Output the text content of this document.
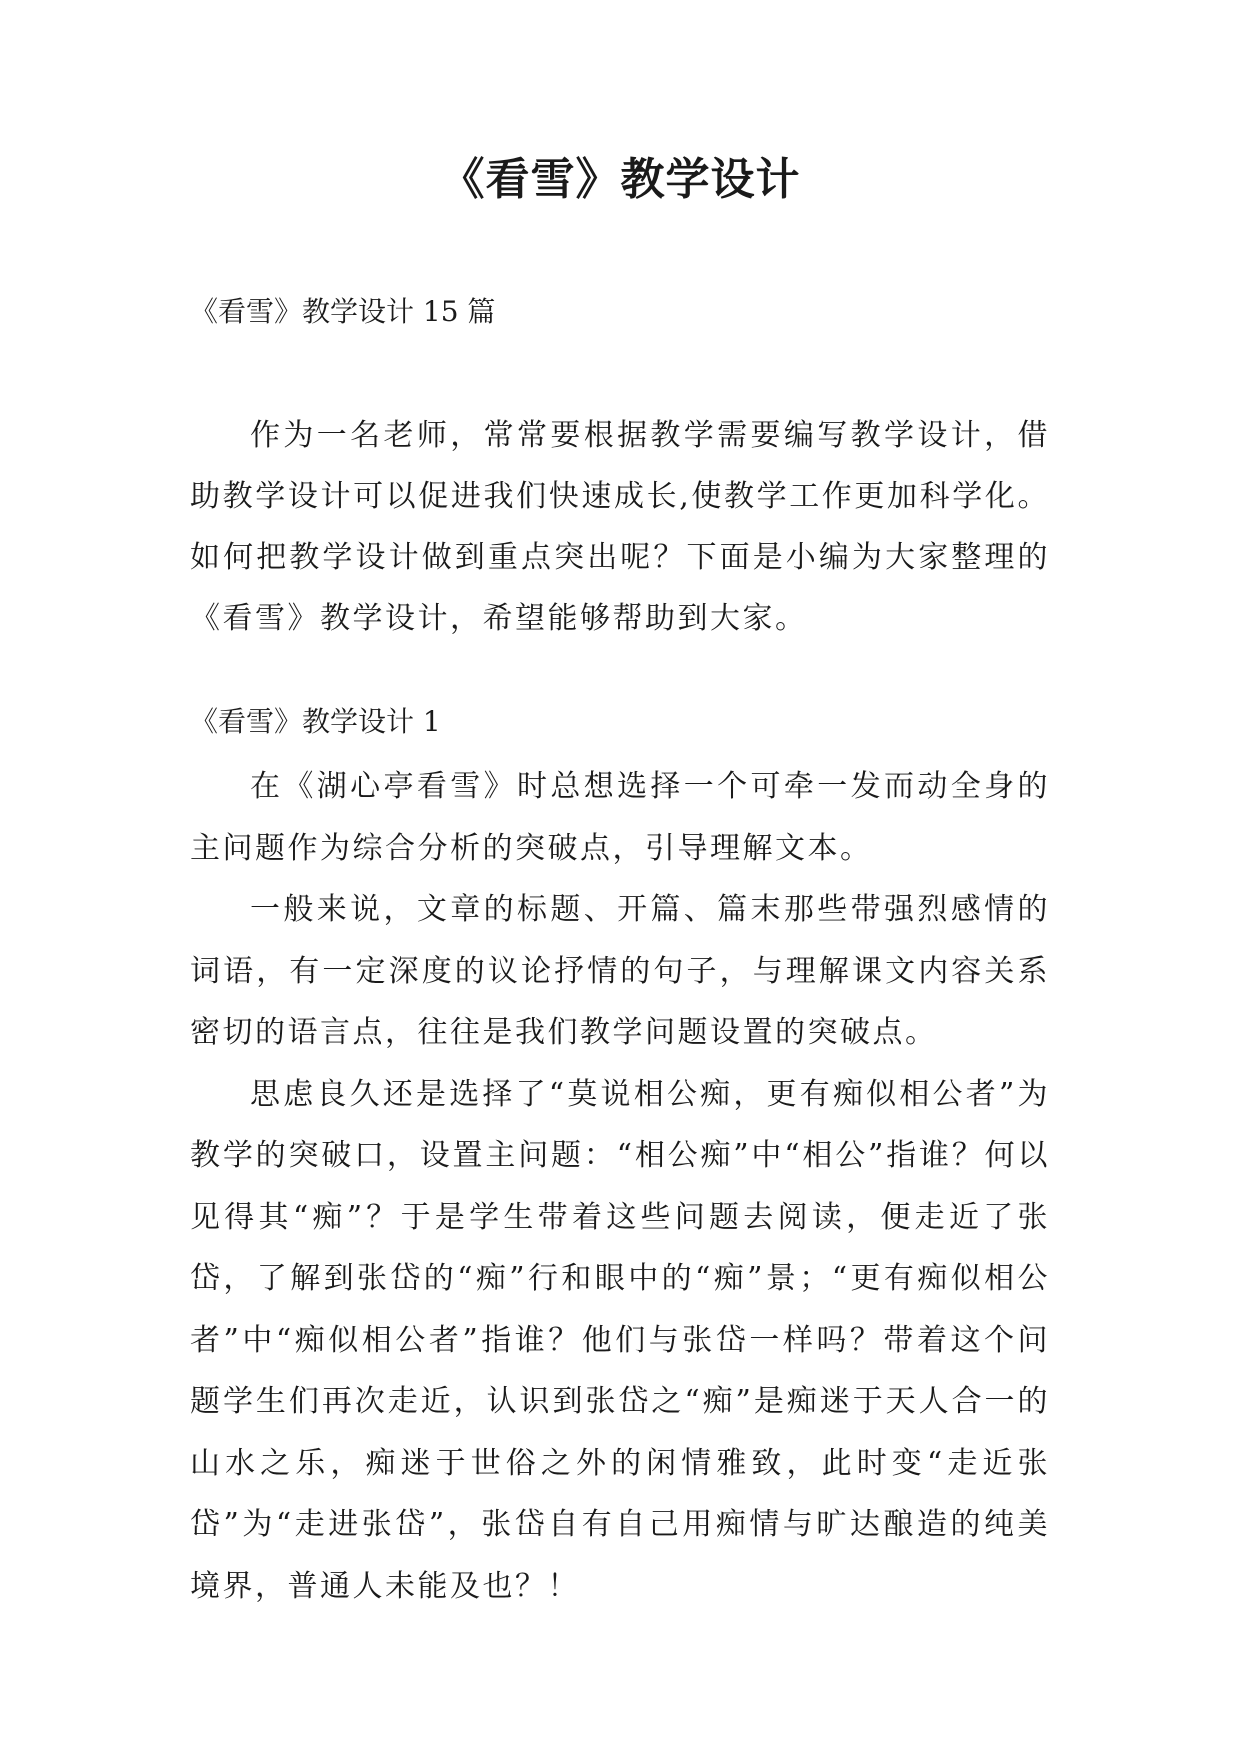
《看雪》教学设计
《看雪》教学设计 15 篇

作为一名老师，常常要根据教学需要编写教学设计，借助教学设计可以促进我们快速成长,使教学工作更加科学化。如何把教学设计做到重点突出呢？下面是小编为大家整理的《看雪》教学设计，希望能够帮助到大家。

《看雪》教学设计 1

在《湖心亭看雪》时总想选择一个可牵一发而动全身的主问题作为综合分析的突破点，引导理解文本。

一般来说，文章的标题、开篇、篇末那些带强烈感情的词语，有一定深度的议论抒情的句子，与理解课文内容关系密切的语言点，往往是我们教学问题设置的突破点。

思虑良久还是选择了“莫说相公痴，更有痴似相公者”为教学的突破口，设置主问题：“相公痴”中“相公”指谁？何以见得其“痴”？于是学生带着这些问题去阅读，便走近了张岱，了解到张岱的“痴”行和眼中的“痴”景；“更有痴似相公者”中“痴似相公者”指谁？他们与张岱一样吗？带着这个问题学生们再次走近，认识到张岱之“痴”是痴迷于天人合一的山水之乐，痴迷于世俗之外的闲情雅致，此时变“走近张岱”为“走进张岱”，张岱自有自己用痴情与旷达酿造的纯美境界，普通人未能及也？！
